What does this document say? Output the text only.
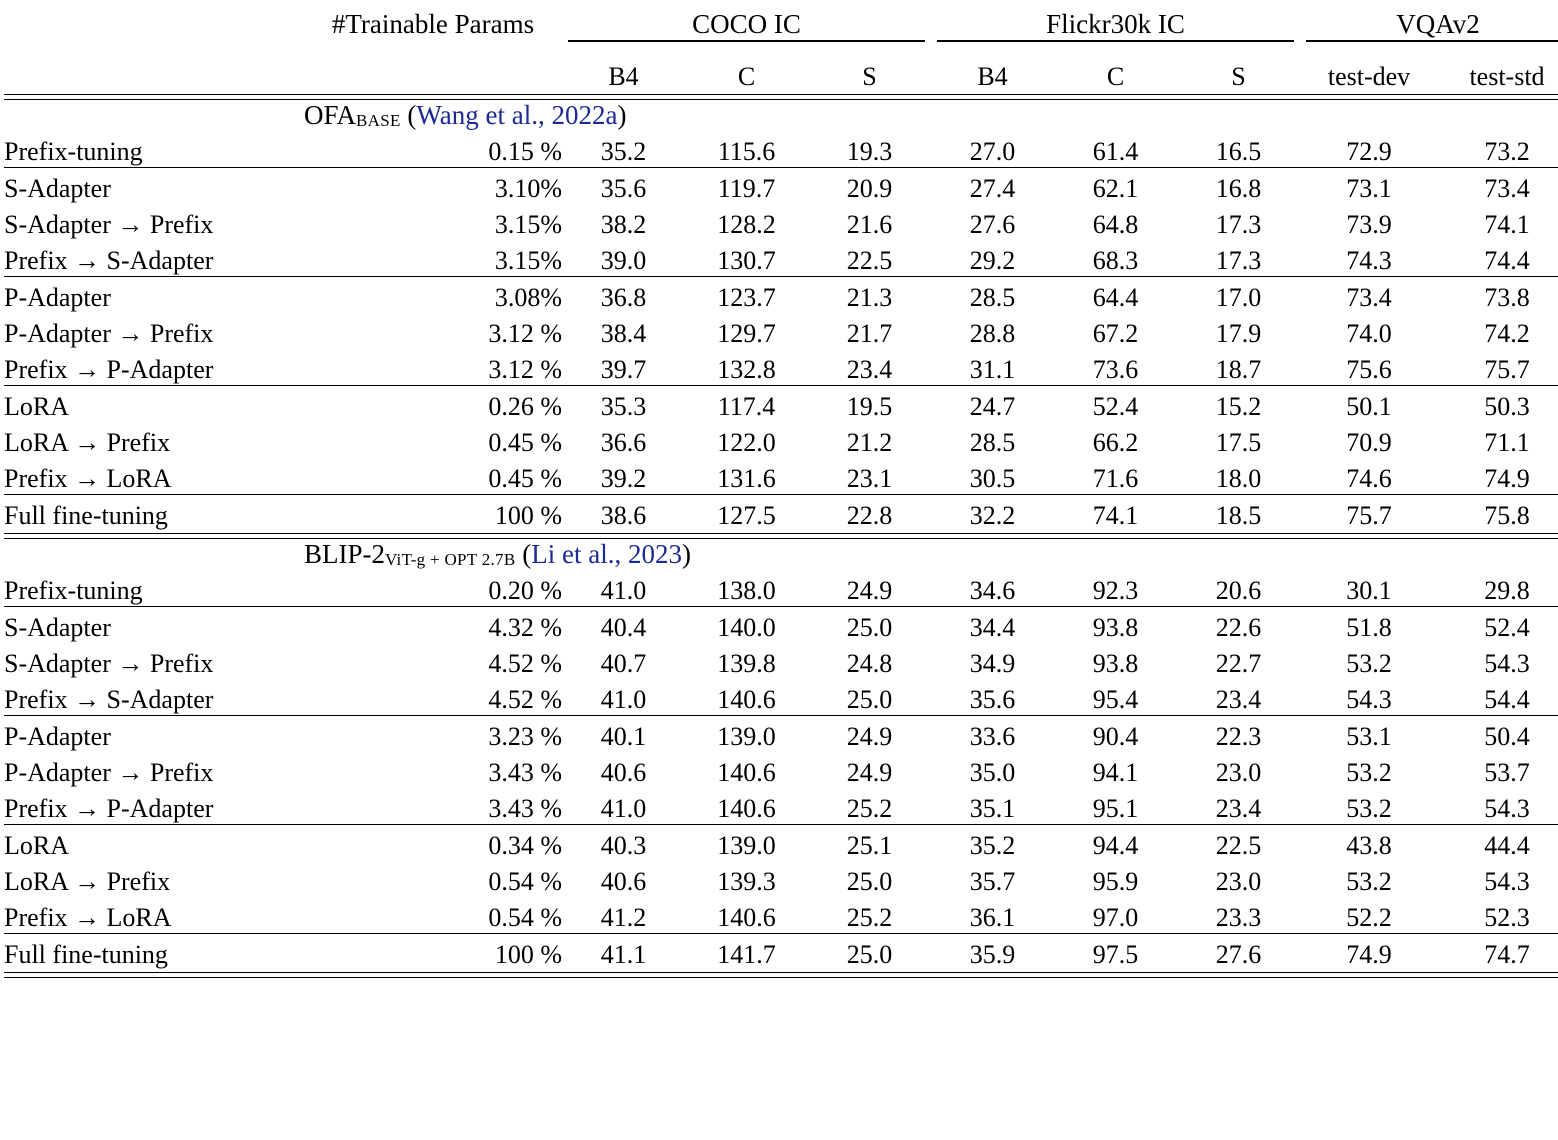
	#Trainable Params	COCO IC			Flickr30k IC			VQAv2	

		B4	C	S	B4	C	S	test-dev	test-std

$OFA_{BASE}$ (Wang et al., 2022a)									

Prefix-tuning	0.15 %	35.2	115.6	19.3	27.0	61.4	16.5	72.9	73.2

S-Adapter	3.10%	35.6	119.7	20.9	27.4	62.1	16.8	73.1	73.4
S-Adapter → Prefix	3.15%	38.2	128.2	21.6	27.6	64.8	17.3	73.9	74.1
Prefix → S-Adapter	3.15%	39.0	130.7	22.5	29.2	68.3	17.3	74.3	74.4

P-Adapter	3.08%	36.8	123.7	21.3	28.5	64.4	17.0	73.4	73.8
P-Adapter → Prefix	3.12 %	38.4	129.7	21.7	28.8	67.2	17.9	74.0	74.2
Prefix → P-Adapter	3.12 %	39.7	132.8	23.4	31.1	73.6	18.7	75.6	75.7

LoRA	0.26 %	35.3	117.4	19.5	24.7	52.4	15.2	50.1	50.3
LoRA → Prefix	0.45 %	36.6	122.0	21.2	28.5	66.2	17.5	70.9	71.1
Prefix → LoRA	0.45 %	39.2	131.6	23.1	30.5	71.6	18.0	74.6	74.9

Full fine-tuning	100 %	38.6	127.5	22.8	32.2	74.1	18.5	75.7	75.8

BLIP-$2_{ViT-g + OPT 2.7B}$ (Li et al., 2023)									

Prefix-tuning	0.20 %	41.0	138.0	24.9	34.6	92.3	20.6	30.1	29.8

S-Adapter	4.32 %	40.4	140.0	25.0	34.4	93.8	22.6	51.8	52.4
S-Adapter → Prefix	4.52 %	40.7	139.8	24.8	34.9	93.8	22.7	53.2	54.3
Prefix → S-Adapter	4.52 %	41.0	140.6	25.0	35.6	95.4	23.4	54.3	54.4

P-Adapter	3.23 %	40.1	139.0	24.9	33.6	90.4	22.3	53.1	50.4
P-Adapter → Prefix	3.43 %	40.6	140.6	24.9	35.0	94.1	23.0	53.2	53.7
Prefix → P-Adapter	3.43 %	41.0	140.6	25.2	35.1	95.1	23.4	53.2	54.3

LoRA	0.34 %	40.3	139.0	25.1	35.2	94.4	22.5	43.8	44.4
LoRA → Prefix	0.54 %	40.6	139.3	25.0	35.7	95.9	23.0	53.2	54.3
Prefix → LoRA	0.54 %	41.2	140.6	25.2	36.1	97.0	23.3	52.2	52.3

Full fine-tuning	100 %	41.1	141.7	25.0	35.9	97.5	27.6	74.9	74.7
